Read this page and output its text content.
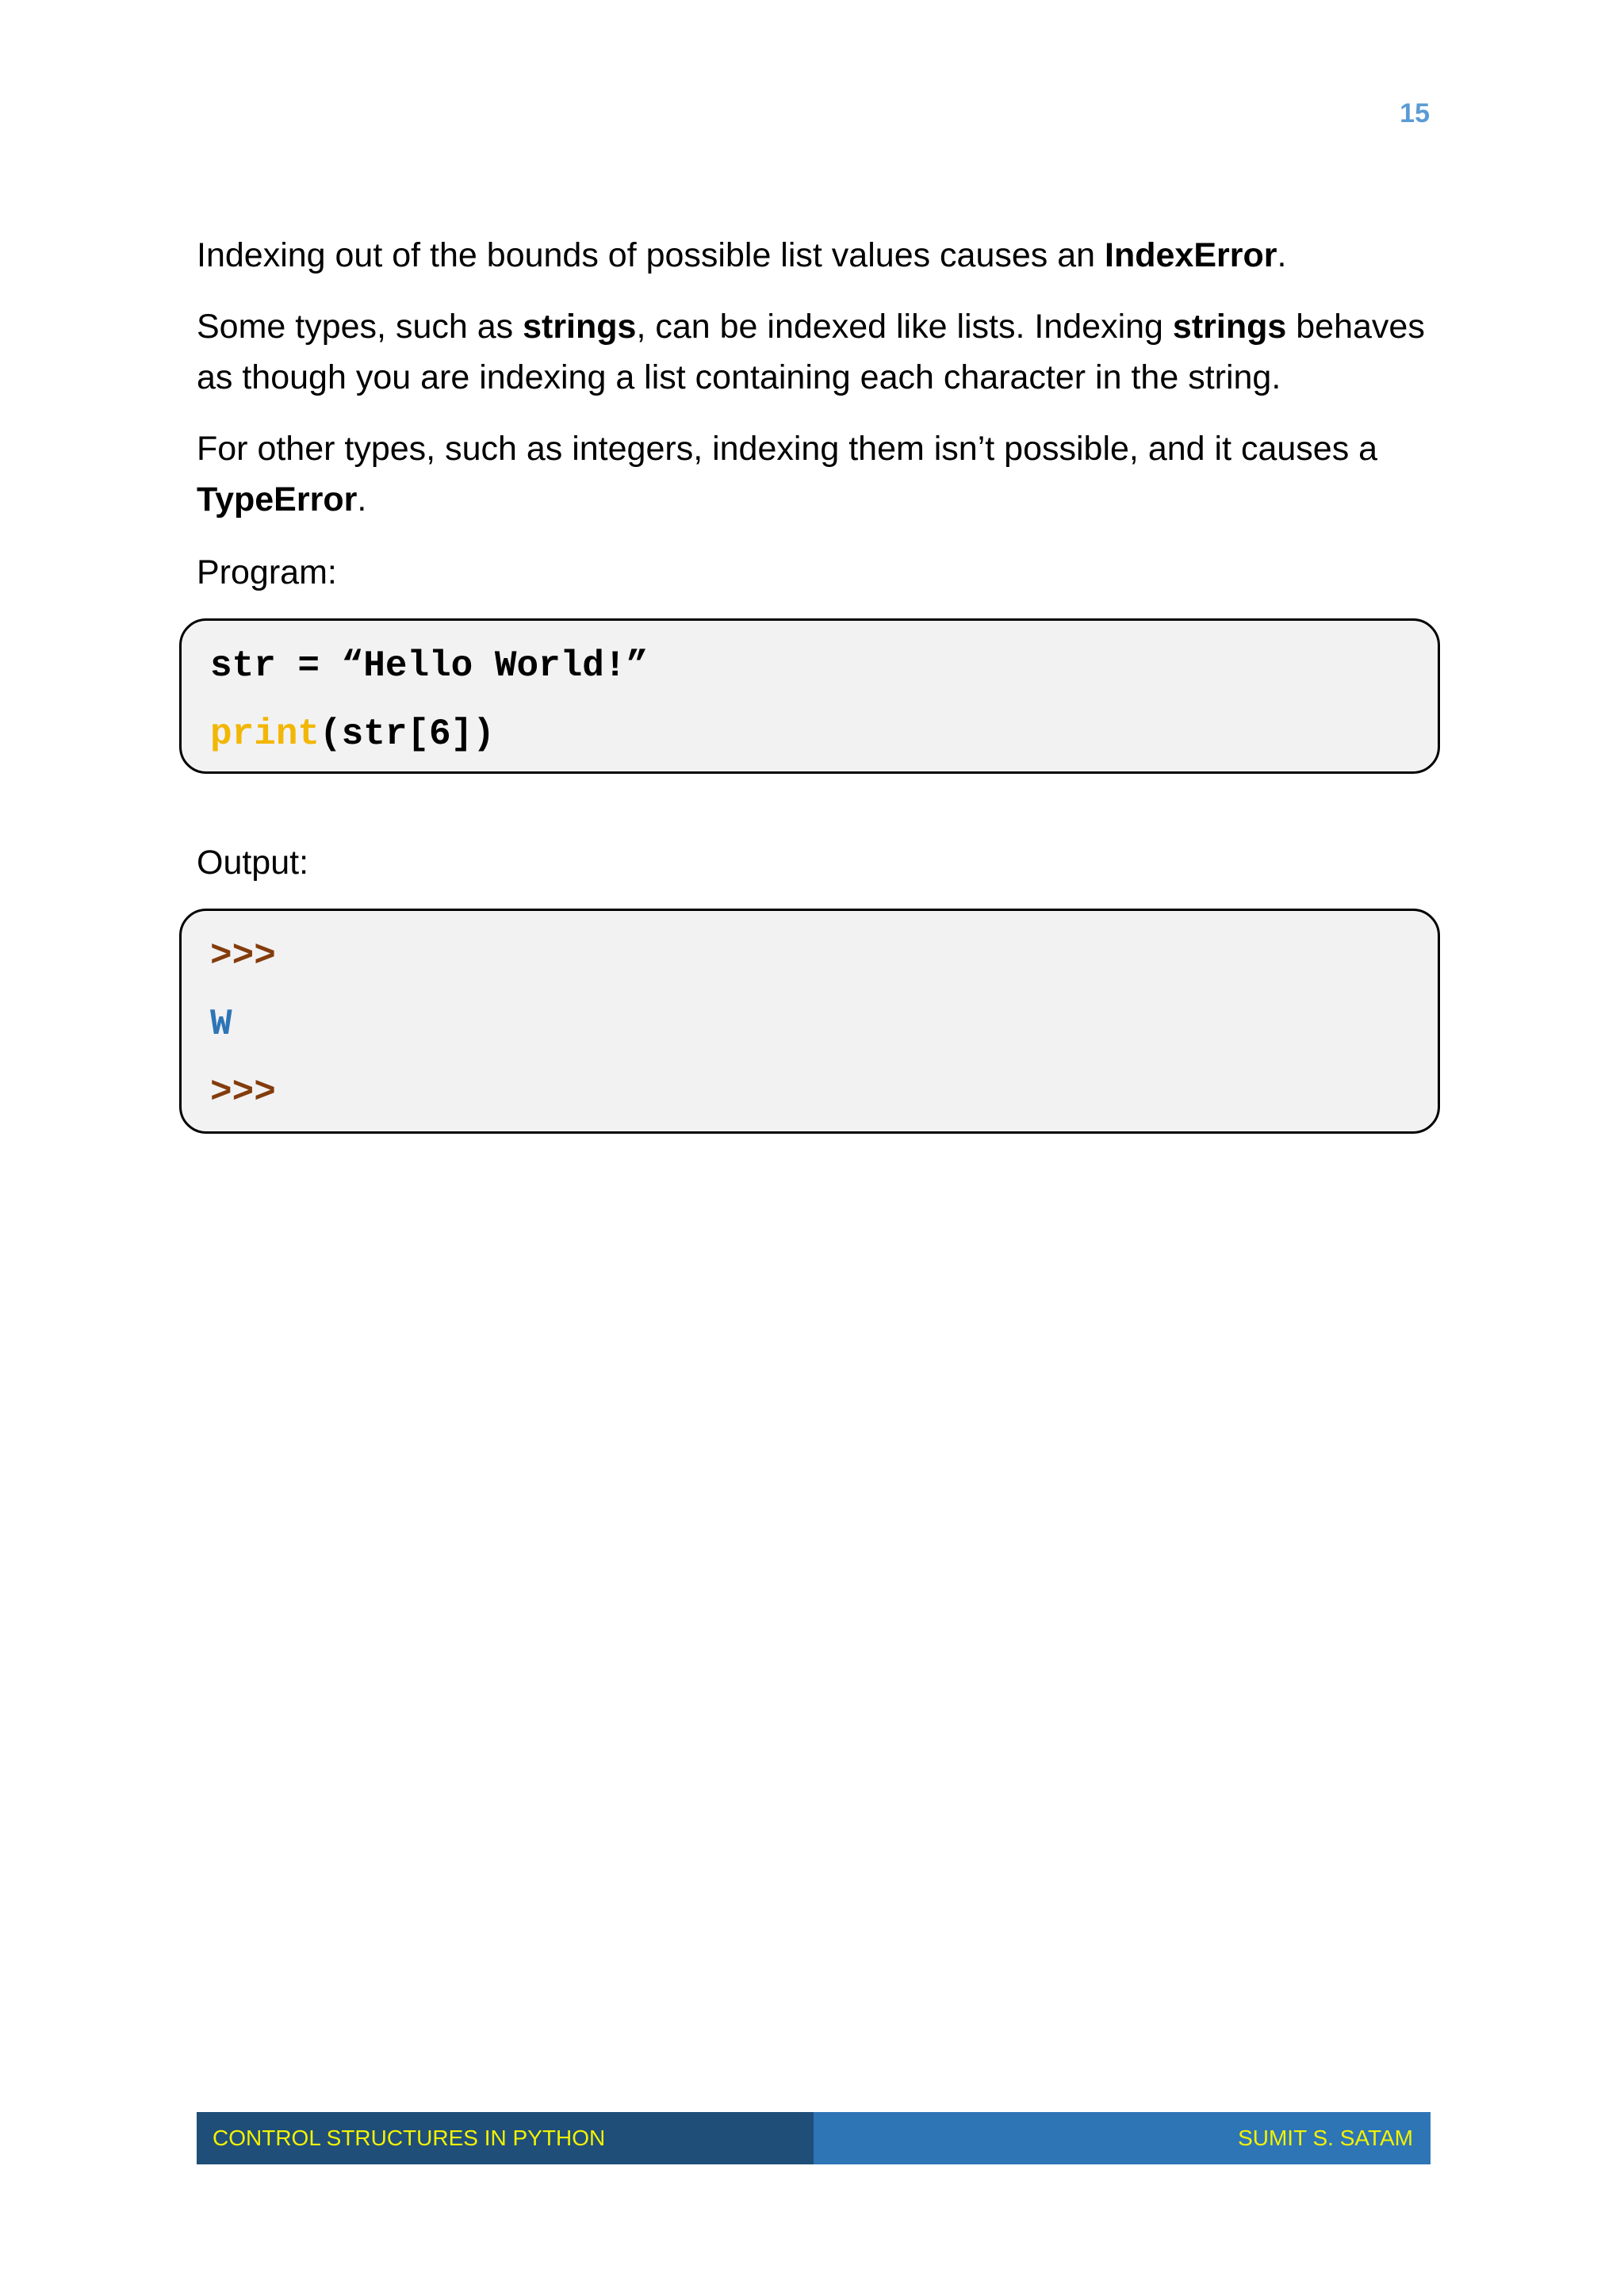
15

Indexing out of the bounds of possible list values causes an IndexError.

Some types, such as strings, can be indexed like lists. Indexing strings behaves as though you are indexing a list containing each character in the string.

For other types, such as integers, indexing them isn’t possible, and it causes a TypeError.

Program:

str = “Hello World!”
print(str[6])

Output:

>>>
W
>>>
CONTROL STRUCTURES IN PYTHON	SUMIT S. SATAM
